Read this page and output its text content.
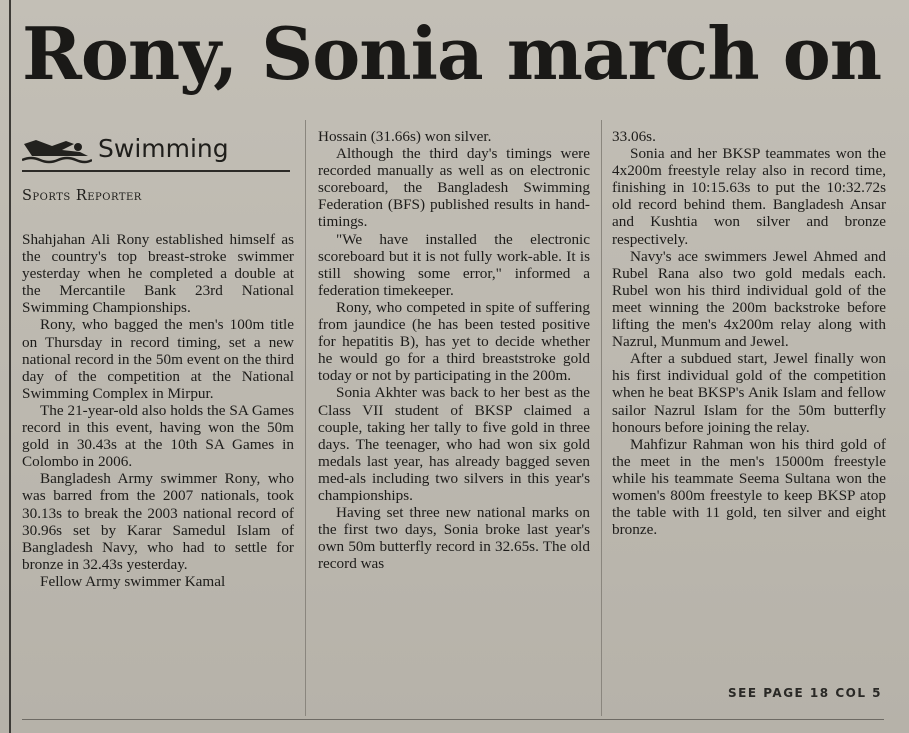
Rony, Sonia march on
Swimming
Sports Reporter

Shahjahan Ali Rony established himself as the country's top breast-stroke swimmer yesterday when he completed a double at the Mercantile Bank 23rd National Swimming Championships.

Rony, who bagged the men's 100m title on Thursday in record timing, set a new national record in the 50m event on the third day of the competition at the National Swimming Complex in Mirpur.

The 21-year-old also holds the SA Games record in this event, having won the 50m gold in 30.43s at the 10th SA Games in Colombo in 2006.

Bangladesh Army swimmer Rony, who was barred from the 2007 nationals, took 30.13s to break the 2003 national record of 30.96s set by Karar Samedul Islam of Bangladesh Navy, who had to settle for bronze in 32.43s yesterday.

Fellow Army swimmer Kamal

Hossain (31.66s) won silver.

Although the third day's timings were recorded manually as well as on electronic scoreboard, the Bangladesh Swimming Federation (BFS) published results in hand-timings.

"We have installed the electronic scoreboard but it is not fully work-able. It is still showing some error," informed a federation timekeeper.

Rony, who competed in spite of suffering from jaundice (he has been tested positive for hepatitis B), has yet to decide whether he would go for a third breaststroke gold today or not by participating in the 200m.

Sonia Akhter was back to her best as the Class VII student of BKSP claimed a couple, taking her tally to five gold in three days. The teenager, who had won six gold medals last year, has already bagged seven med-als including two silvers in this year's championships.

Having set three new national marks on the first two days, Sonia broke last year's own 50m butterfly record in 32.65s. The old record was

33.06s.

Sonia and her BKSP teammates won the 4x200m freestyle relay also in record time, finishing in 10:15.63s to put the 10:32.72s old record behind them. Bangladesh Ansar and Kushtia won silver and bronze respectively.

Navy's ace swimmers Jewel Ahmed and Rubel Rana also two gold medals each. Rubel won his third individual gold of the meet winning the 200m backstroke before lifting the men's 4x200m relay along with Nazrul, Munmum and Jewel.

After a subdued start, Jewel finally won his first individual gold of the competition when he beat BKSP's Anik Islam and fellow sailor Nazrul Islam for the 50m butterfly honours before joining the relay.

Mahfizur Rahman won his third gold of the meet in the men's 15000m freestyle while his teammate Seema Sultana won the women's 800m freestyle to keep BKSP atop the table with 11 gold, ten silver and eight bronze.

SEE PAGE 18 COL 5
